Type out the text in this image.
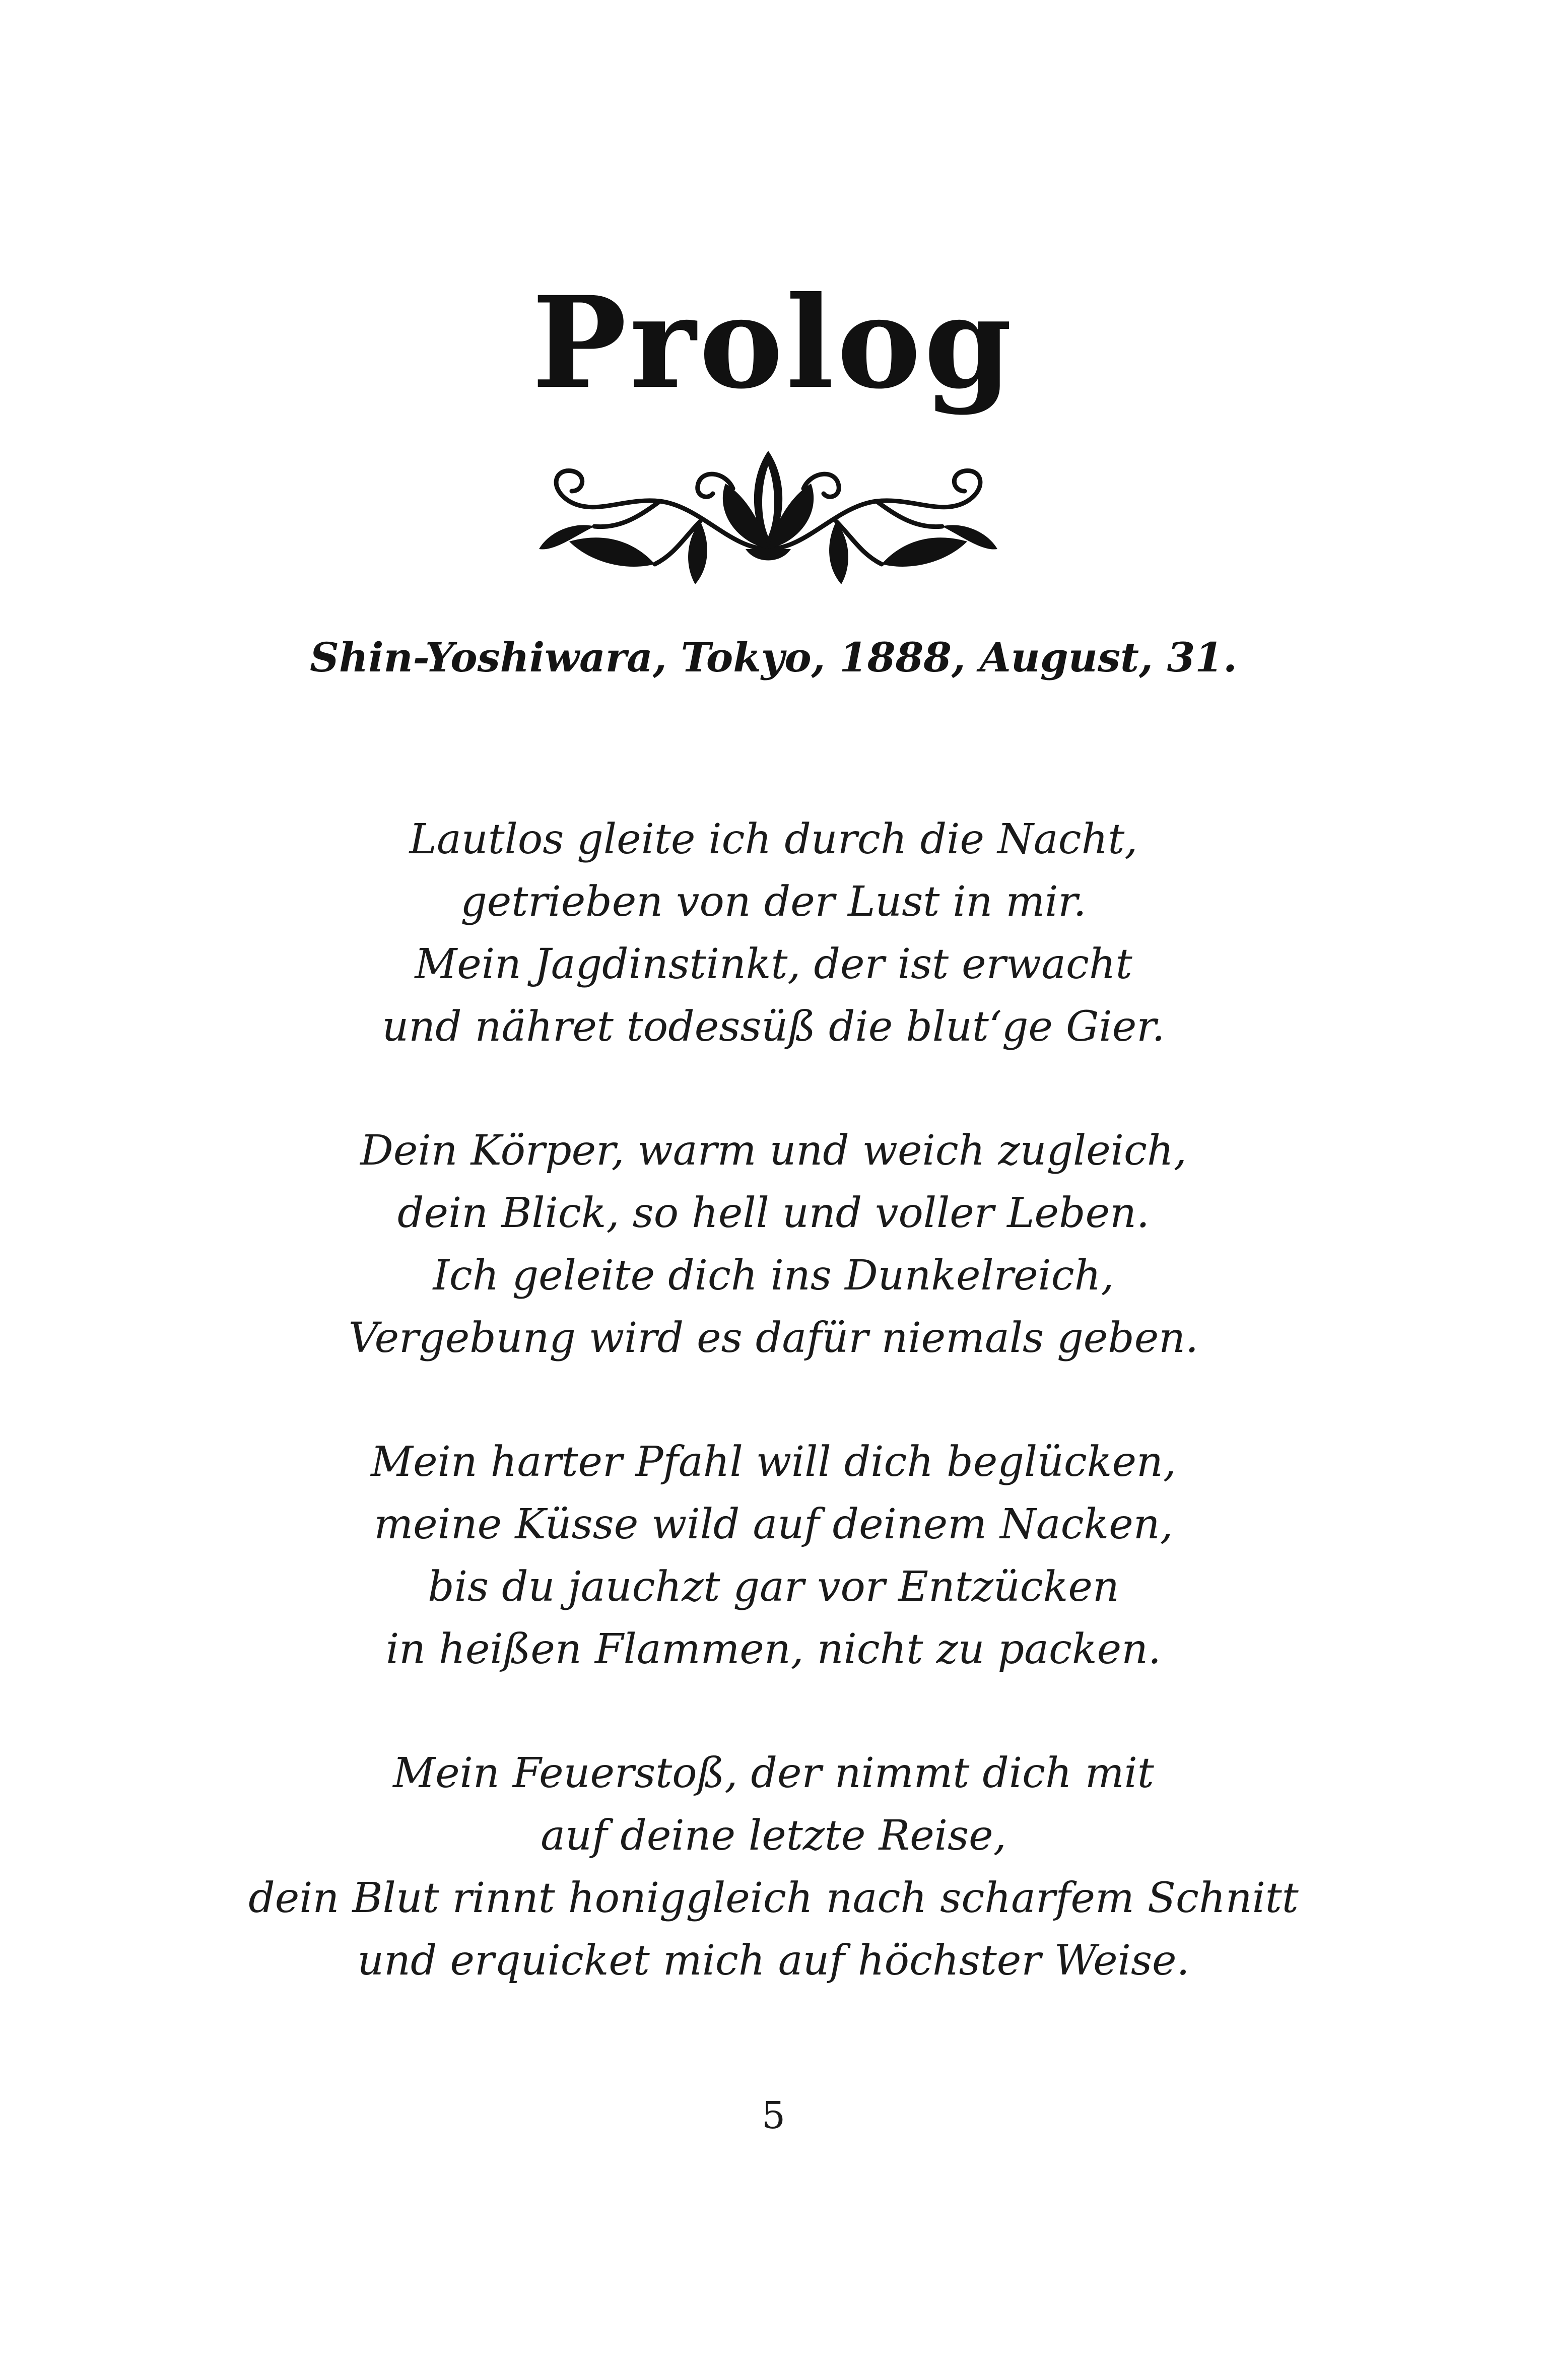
Prolog
Shin-Yoshiwara, Tokyo, 1888, August, 31.
Lautlos gleite ich durch die Nacht,
getrieben von der Lust in mir.
Mein Jagdinstinkt, der ist erwacht
und nähret todessüß die blut‘ge Gier.
Dein Körper, warm und weich zugleich,
dein Blick, so hell und voller Leben.
Ich geleite dich ins Dunkelreich,
Vergebung wird es dafür niemals geben.
Mein harter Pfahl will dich beglücken,
meine Küsse wild auf deinem Nacken,
bis du jauchzt gar vor Entzücken
in heißen Flammen, nicht zu packen.
Mein Feuerstoß, der nimmt dich mit
auf deine letzte Reise,
dein Blut rinnt honiggleich nach scharfem Schnitt
und erquicket mich auf höchster Weise.
5
